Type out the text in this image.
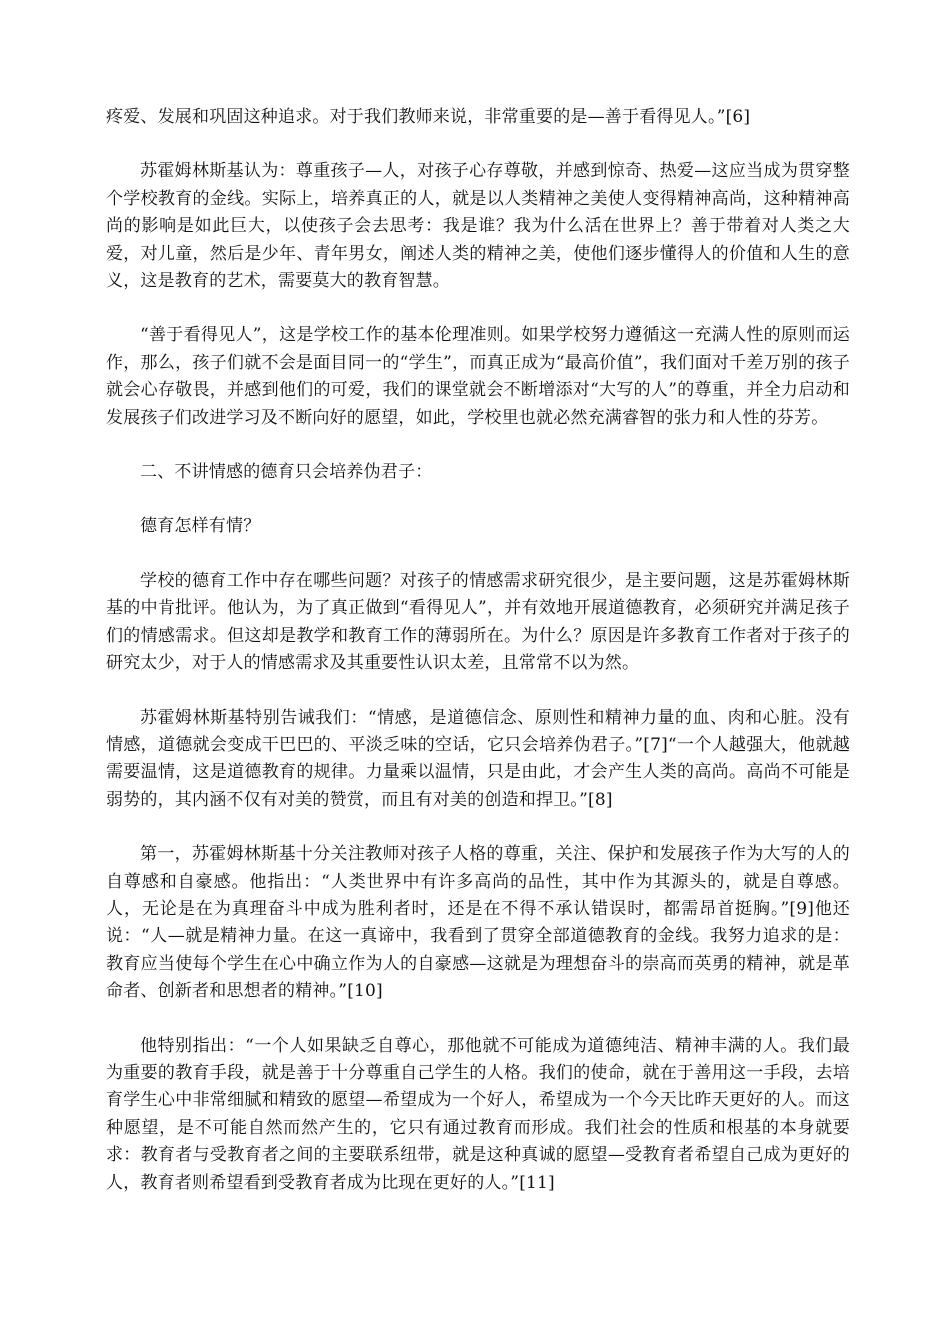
疼爱、发展和巩固这种追求。对于我们教师来说，非常重要的是—善于看得见人。”[6]

苏霍姆林斯基认为：尊重孩子—人，对孩子心存尊敬，并感到惊奇、热爱—这应当成为贯穿整个学校教育的金线。实际上，培养真正的人，就是以人类精神之美使人变得精神高尚，这种精神高尚的影响是如此巨大，以使孩子会去思考：我是谁？我为什么活在世界上？善于带着对人类之大爱，对儿童，然后是少年、青年男女，阐述人类的精神之美，使他们逐步懂得人的价值和人生的意义，这是教育的艺术，需要莫大的教育智慧。

“善于看得见人”，这是学校工作的基本伦理准则。如果学校努力遵循这一充满人性的原则而运作，那么，孩子们就不会是面目同一的“学生”，而真正成为“最高价值”，我们面对千差万别的孩子就会心存敬畏，并感到他们的可爱，我们的课堂就会不断增添对“大写的人”的尊重，并全力启动和发展孩子们改进学习及不断向好的愿望，如此，学校里也就必然充满睿智的张力和人性的芬芳。

二、不讲情感的德育只会培养伪君子：

德育怎样有情？

学校的德育工作中存在哪些问题？对孩子的情感需求研究很少，是主要问题，这是苏霍姆林斯基的中肯批评。他认为，为了真正做到“看得见人”，并有效地开展道德教育，必须研究并满足孩子们的情感需求。但这却是教学和教育工作的薄弱所在。为什么？原因是许多教育工作者对于孩子的研究太少，对于人的情感需求及其重要性认识太差，且常常不以为然。

苏霍姆林斯基特别告诫我们：“情感，是道德信念、原则性和精神力量的血、肉和心脏。没有情感，道德就会变成干巴巴的、平淡乏味的空话，它只会培养伪君子。”[7]“一个人越强大，他就越需要温情，这是道德教育的规律。力量乘以温情，只是由此，才会产生人类的高尚。高尚不可能是弱势的，其内涵不仅有对美的赞赏，而且有对美的创造和捍卫。”[8]

第一，苏霍姆林斯基十分关注教师对孩子人格的尊重，关注、保护和发展孩子作为大写的人的自尊感和自豪感。他指出：“人类世界中有许多高尚的品性，其中作为其源头的，就是自尊感。人，无论是在为真理奋斗中成为胜利者时，还是在不得不承认错误时，都需昂首挺胸。”[9]他还说：“人—就是精神力量。在这一真谛中，我看到了贯穿全部道德教育的金线。我努力追求的是：教育应当使每个学生在心中确立作为人的自豪感—这就是为理想奋斗的崇高而英勇的精神，就是革命者、创新者和思想者的精神。”[10]

他特别指出：“一个人如果缺乏自尊心，那他就不可能成为道德纯洁、精神丰满的人。我们最为重要的教育手段，就是善于十分尊重自己学生的人格。我们的使命，就在于善用这一手段，去培育学生心中非常细腻和精致的愿望—希望成为一个好人，希望成为一个今天比昨天更好的人。而这种愿望，是不可能自然而然产生的，它只有通过教育而形成。我们社会的性质和根基的本身就要求：教育者与受教育者之间的主要联系纽带，就是这种真诚的愿望—受教育者希望自己成为更好的人，教育者则希望看到受教育者成为比现在更好的人。”[11]
